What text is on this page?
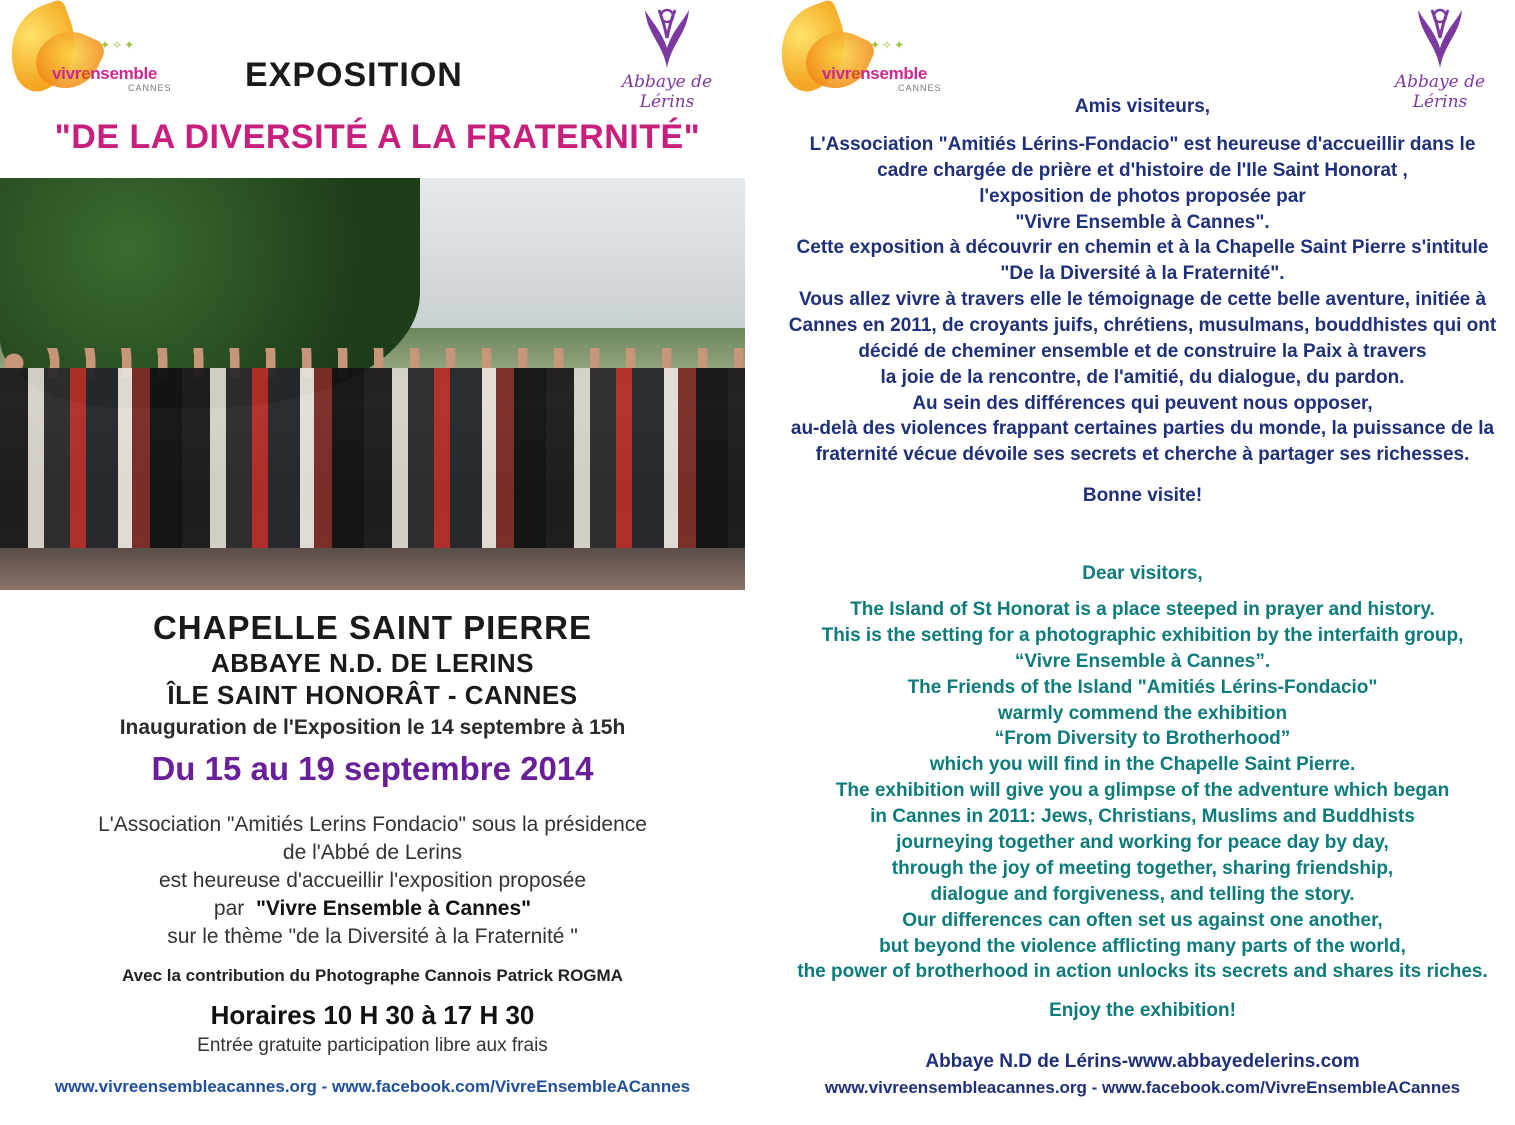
✦✧✦
vivrensemble
CANNES EXPOSITION	Abbaye de Lérins
"DE LA DIVERSITÉ A LA FRATERNITÉ"
CHAPELLE SAINT PIERRE
ABBAYE N.D. DE LERINS
ÎLE SAINT HONORÂT - CANNES
Inauguration de l'Exposition le 14 septembre à 15h
Du 15 au 19 septembre 2014
L'Association "Amitiés Lerins Fondacio" sous la présidence
de l'Abbé de Lerins
est heureuse d'accueillir l'exposition proposée
par "Vivre Ensemble à Cannes"
sur le thème "de la Diversité à la Fraternité "
Avec la contribution du Photographe Cannois Patrick ROGMA
Horaires 10 H 30 à 17 H 30
Entrée gratuite participation libre aux frais
www.vivreensembleacannes.org - www.facebook.com/VivreEnsembleACannes
✦✧✦
vivrensemble
CANNES	Abbaye de Lérins
Amis visiteurs,
L'Association "Amitiés Lérins-Fondacio" est heureuse d'accueillir dans le
cadre chargée de prière et d'histoire de l'Ile Saint Honorat ,
l'exposition de photos proposée par
"Vivre Ensemble à Cannes".
Cette exposition à découvrir en chemin et à la Chapelle Saint Pierre s'intitule
"De la Diversité à la Fraternité".
Vous allez vivre à travers elle le témoignage de cette belle aventure, initiée à
Cannes en 2011, de croyants juifs, chrétiens, musulmans, bouddhistes qui ont
décidé de cheminer ensemble et de construire la Paix à travers
la joie de la rencontre, de l'amitié, du dialogue, du pardon.
Au sein des différences qui peuvent nous opposer,
au-delà des violences frappant certaines parties du monde, la puissance de la
fraternité vécue dévoile ses secrets et cherche à partager ses richesses.
Bonne visite!
Dear visitors,
The Island of St Honorat is a place steeped in prayer and history.
This is the setting for a photographic exhibition by the interfaith group,
“Vivre Ensemble à Cannes”.
The Friends of the Island "Amitiés Lérins-Fondacio"
warmly commend the exhibition
“From Diversity to Brotherhood”
which you will find in the Chapelle Saint Pierre.
The exhibition will give you a glimpse of the adventure which began
in Cannes in 2011: Jews, Christians, Muslims and Buddhists
journeying together and working for peace day by day,
through the joy of meeting together, sharing friendship,
dialogue and forgiveness, and telling the story.
Our differences can often set us against one another,
but beyond the violence afflicting many parts of the world,
the power of brotherhood in action unlocks its secrets and shares its riches.
Enjoy the exhibition!
Abbaye N.D de Lérins-www.abbayedelerins.com
www.vivreensembleacannes.org - www.facebook.com/VivreEnsembleACannes
